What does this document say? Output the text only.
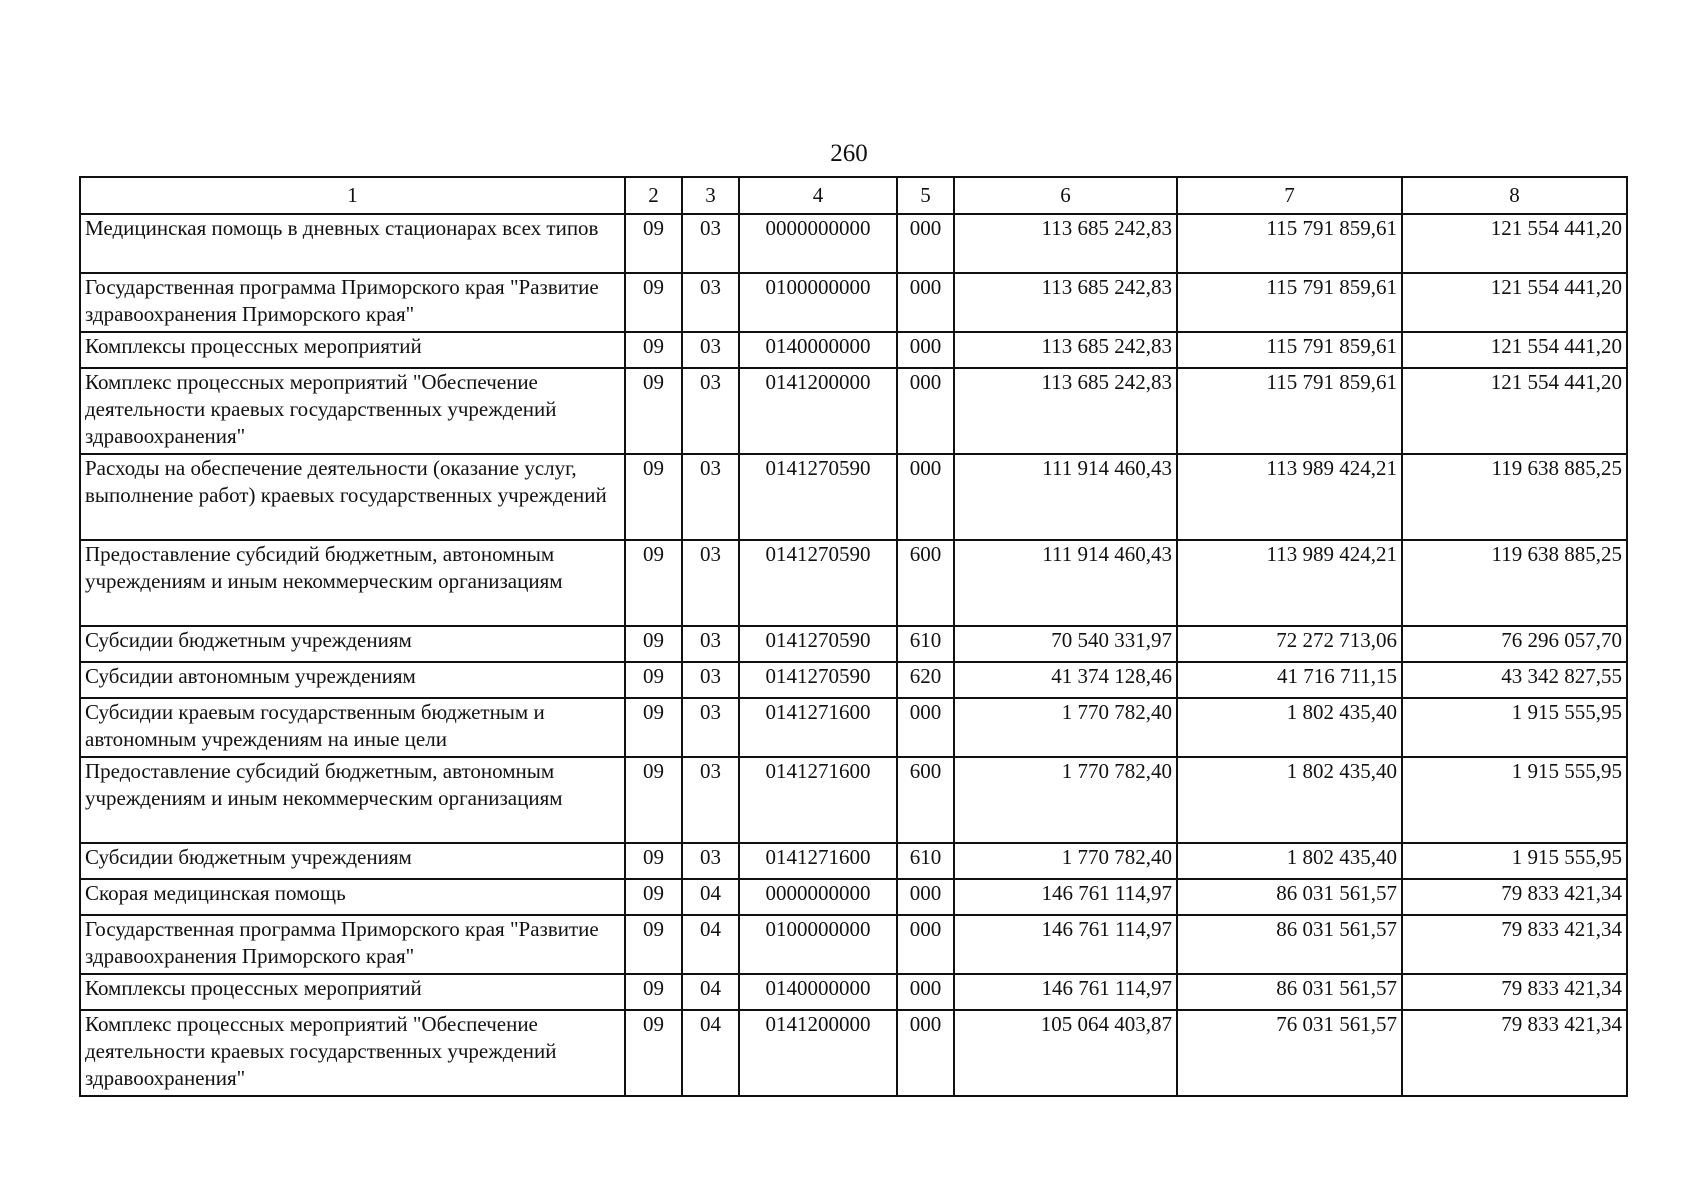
260
1	2	3	4	5	6	7	8
Медицинская помощь в дневных стационарах всех типов	09	03	0000000000	000	113 685 242,83	115 791 859,61	121 554 441,20
Государственная программа Приморского края "Развитие здравоохранения Приморского края"	09	03	0100000000	000	113 685 242,83	115 791 859,61	121 554 441,20
Комплексы процессных мероприятий	09	03	0140000000	000	113 685 242,83	115 791 859,61	121 554 441,20
Комплекс процессных мероприятий "Обеспечение деятельности краевых государственных учреждений здравоохранения"	09	03	0141200000	000	113 685 242,83	115 791 859,61	121 554 441,20
Расходы на обеспечение деятельности (оказание услуг, выполнение работ) краевых государственных учреждений	09	03	0141270590	000	111 914 460,43	113 989 424,21	119 638 885,25
Предоставление субсидий бюджетным, автономным учреждениям и иным некоммерческим организациям	09	03	0141270590	600	111 914 460,43	113 989 424,21	119 638 885,25
Субсидии бюджетным учреждениям	09	03	0141270590	610	70 540 331,97	72 272 713,06	76 296 057,70
Субсидии автономным учреждениям	09	03	0141270590	620	41 374 128,46	41 716 711,15	43 342 827,55
Субсидии краевым государственным бюджетным и автономным учреждениям на иные цели	09	03	0141271600	000	1 770 782,40	1 802 435,40	1 915 555,95
Предоставление субсидий бюджетным, автономным учреждениям и иным некоммерческим организациям	09	03	0141271600	600	1 770 782,40	1 802 435,40	1 915 555,95
Субсидии бюджетным учреждениям	09	03	0141271600	610	1 770 782,40	1 802 435,40	1 915 555,95
Скорая медицинская помощь	09	04	0000000000	000	146 761 114,97	86 031 561,57	79 833 421,34
Государственная программа Приморского края "Развитие здравоохранения Приморского края"	09	04	0100000000	000	146 761 114,97	86 031 561,57	79 833 421,34
Комплексы процессных мероприятий	09	04	0140000000	000	146 761 114,97	86 031 561,57	79 833 421,34
Комплекс процессных мероприятий "Обеспечение деятельности краевых государственных учреждений здравоохранения"	09	04	0141200000	000	105 064 403,87	76 031 561,57	79 833 421,34
